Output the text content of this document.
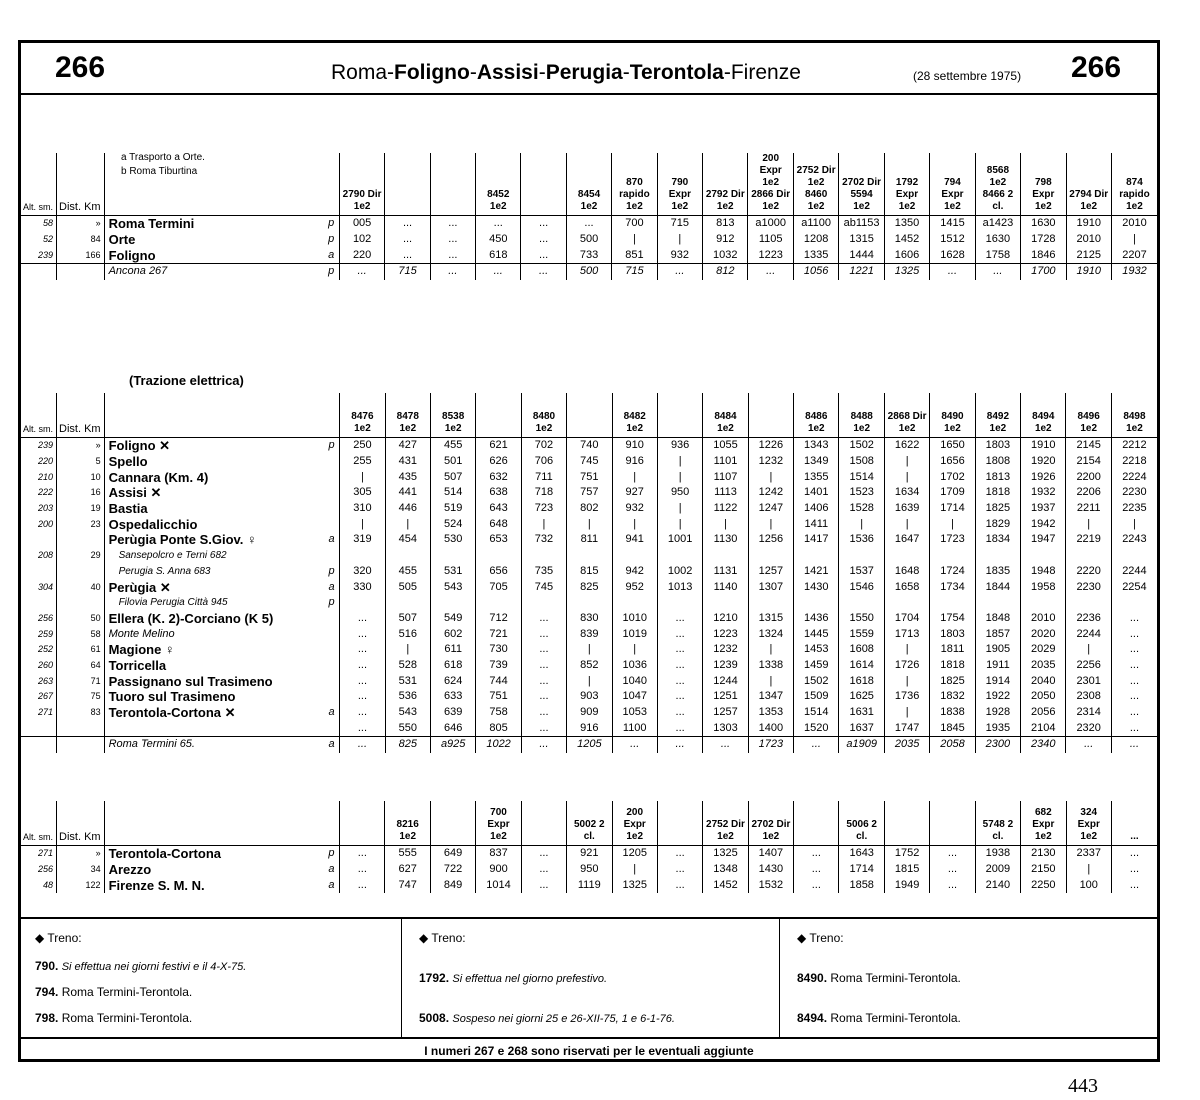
266	Roma-Foligno-Assisi-Perugia-Terontola-Firenze	(28 settembre 1975) 266
a Trasporto a Orte.
b Roma Tiburtina
Alt. sm.	Dist. Km			2790 Dir 1e2			8452 1e2		8454 1e2	870 rapido 1e2	790 Expr 1e2	2792 Dir 1e2	200 Expr 1e2 2866 Dir 1e2	2752 Dir 1e2 8460 1e2	2702 Dir 5594 1e2	1792 Expr 1e2	794 Expr 1e2	8568 1e2 8466 2 cl.	798 Expr 1e2	2794 Dir 1e2	874 rapido 1e2
58	»	Roma Termini	p	005	...	...	...	...	...	700	715	813	a1000	a1100	ab1153	1350	1415	a1423	1630	1910	2010
52	84	Orte	p	102	...	...	450	...	500	|	|	912	1105	1208	1315	1452	1512	1630	1728	2010	|
239	166	Foligno	a	220	...	...	618	...	733	851	932	1032	1223	1335	1444	1606	1628	1758	1846	2125	2207
		Ancona 267	p	...	715	...	...	...	500	715	...	812	...	1056	1221	1325	...	...	1700	1910	1932
(Trazione elettrica)
Alt. sm.	Dist. Km			8476 1e2	8478 1e2	8538 1e2		8480 1e2		8482 1e2		8484 1e2		8486 1e2	8488 1e2	2868 Dir 1e2	8490 1e2	8492 1e2	8494 1e2	8496 1e2	8498 1e2
239	»	Foligno ✕	p	250	427	455	621	702	740	910	936	1055	1226	1343	1502	1622	1650	1803	1910	2145	2212
220	5	Spello		255	431	501	626	706	745	916	|	1101	1232	1349	1508	|	1656	1808	1920	2154	2218
210	10	Cannara (Km. 4)		|	435	507	632	711	751	|	|	1107	|	1355	1514	|	1702	1813	1926	2200	2224
222	16	Assisi ✕		305	441	514	638	718	757	927	950	1113	1242	1401	1523	1634	1709	1818	1932	2206	2230
203	19	Bastia		310	446	519	643	723	802	932	|	1122	1247	1406	1528	1639	1714	1825	1937	2211	2235
200	23	Ospedalicchio		|	|	524	648	|	|	|	|	|	|	1411	|	|	|	1829	1942	|	|
		Perùgia Ponte S.Giov. ♀	a	319	454	530	653	732	811	941	1001	1130	1256	1417	1536	1647	1723	1834	1947	2219	2243
208	29	Sansepolcro e Terni 682																			
		Perugia S. Anna 683	p	320	455	531	656	735	815	942	1002	1131	1257	1421	1537	1648	1724	1835	1948	2220	2244
304	40	Perùgia ✕	a	330	505	543	705	745	825	952	1013	1140	1307	1430	1546	1658	1734	1844	1958	2230	2254
		Filovia Perugia Città 945	p																		
256	50	Ellera (K. 2)-Corciano (K 5)		...	507	549	712	...	830	1010	...	1210	1315	1436	1550	1704	1754	1848	2010	2236	...
259	58	Monte Melino		...	516	602	721	...	839	1019	...	1223	1324	1445	1559	1713	1803	1857	2020	2244	...
252	61	Magione ♀		...	|	611	730	...	|	|	...	1232	|	1453	1608	|	1811	1905	2029	|	...
260	64	Torricella		...	528	618	739	...	852	1036	...	1239	1338	1459	1614	1726	1818	1911	2035	2256	...
263	71	Passignano sul Trasimeno		...	531	624	744	...	|	1040	...	1244	|	1502	1618	|	1825	1914	2040	2301	...
267	75	Tuoro sul Trasimeno		...	536	633	751	...	903	1047	...	1251	1347	1509	1625	1736	1832	1922	2050	2308	...
271	83	Terontola-Cortona ✕	a	...	543	639	758	...	909	1053	...	1257	1353	1514	1631	|	1838	1928	2056	2314	...
				...	550	646	805	...	916	1100	...	1303	1400	1520	1637	1747	1845	1935	2104	2320	...
		Roma Termini 65.	a	...	825	a925	1022	...	1205	...	...	...	1723	...	a1909	2035	2058	2300	2340	...	...
Alt. sm.	Dist. Km				8216 1e2		700 Expr 1e2		5002 2 cl.	200 Expr 1e2		2752 Dir 1e2	2702 Dir 1e2		5006 2 cl.			5748 2 cl.	682 Expr 1e2	324 Expr 1e2	...
271	»	Terontola-Cortona	p	...	555	649	837	...	921	1205	...	1325	1407	...	1643	1752	...	1938	2130	2337	...
256	34	Arezzo	a	...	627	722	900	...	950	|	...	1348	1430	...	1714	1815	...	2009	2150	|	...
48	122	Firenze S. M. N.	a	...	747	849	1014	...	1119	1325	...	1452	1532	...	1858	1949	...	2140	2250	100	...
◆ Treno:
790. Si effettua nei giorni festivi e il 4-X-75.
794. Roma Termini-Terontola.
798. Roma Termini-Terontola.
◆ Treno:
1792. Si effettua nel giorno prefestivo.
5008. Sospeso nei giorni 25 e 26-XII-75, 1 e 6-1-76.
◆ Treno:
8490. Roma Termini-Terontola.
8494. Roma Termini-Terontola.
I numeri 267 e 268 sono riservati per le eventuali aggiunte
443
